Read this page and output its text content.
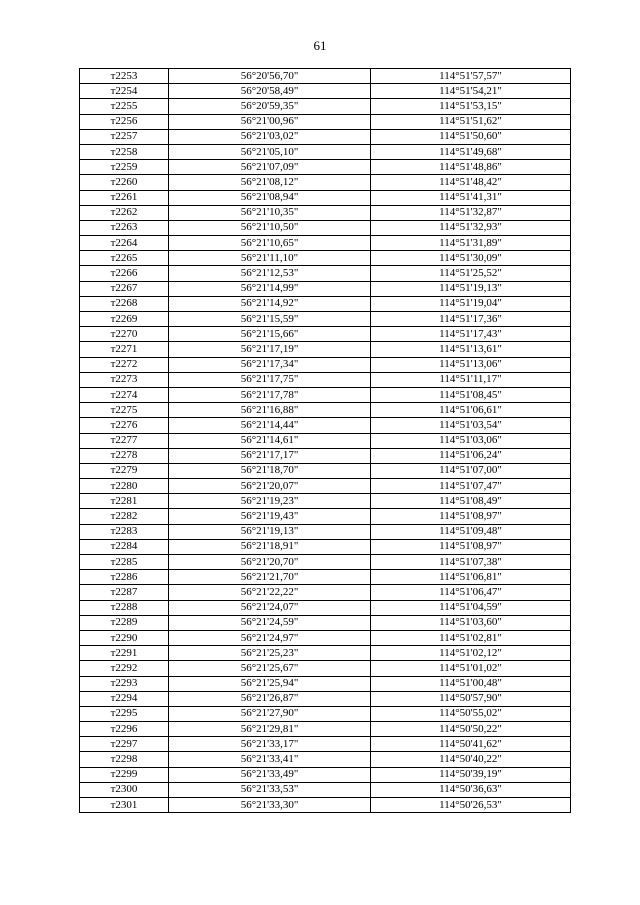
61
т2253	56°20'56,70"	114°51'57,57"
т2254	56°20'58,49"	114°51'54,21"
т2255	56°20'59,35"	114°51'53,15"
т2256	56°21'00,96"	114°51'51,62"
т2257	56°21'03,02"	114°51'50,60"
т2258	56°21'05,10"	114°51'49,68"
т2259	56°21'07,09"	114°51'48,86"
т2260	56°21'08,12"	114°51'48,42"
т2261	56°21'08,94"	114°51'41,31"
т2262	56°21'10,35"	114°51'32,87"
т2263	56°21'10,50"	114°51'32,93"
т2264	56°21'10,65"	114°51'31,89"
т2265	56°21'11,10"	114°51'30,09"
т2266	56°21'12,53"	114°51'25,52"
т2267	56°21'14,99"	114°51'19,13"
т2268	56°21'14,92"	114°51'19,04"
т2269	56°21'15,59"	114°51'17,36"
т2270	56°21'15,66"	114°51'17,43"
т2271	56°21'17,19"	114°51'13,61"
т2272	56°21'17,34"	114°51'13,06"
т2273	56°21'17,75"	114°51'11,17"
т2274	56°21'17,78"	114°51'08,45"
т2275	56°21'16,88"	114°51'06,61"
т2276	56°21'14,44"	114°51'03,54"
т2277	56°21'14,61"	114°51'03,06"
т2278	56°21'17,17"	114°51'06,24"
т2279	56°21'18,70"	114°51'07,00"
т2280	56°21'20,07"	114°51'07,47"
т2281	56°21'19,23"	114°51'08,49"
т2282	56°21'19,43"	114°51'08,97"
т2283	56°21'19,13"	114°51'09,48"
т2284	56°21'18,91"	114°51'08,97"
т2285	56°21'20,70"	114°51'07,38"
т2286	56°21'21,70"	114°51'06,81"
т2287	56°21'22,22"	114°51'06,47"
т2288	56°21'24,07"	114°51'04,59"
т2289	56°21'24,59"	114°51'03,60"
т2290	56°21'24,97"	114°51'02,81"
т2291	56°21'25,23"	114°51'02,12"
т2292	56°21'25,67"	114°51'01,02"
т2293	56°21'25,94"	114°51'00,48"
т2294	56°21'26,87"	114°50'57,90"
т2295	56°21'27,90"	114°50'55,02"
т2296	56°21'29,81"	114°50'50,22"
т2297	56°21'33,17"	114°50'41,62"
т2298	56°21'33,41"	114°50'40,22"
т2299	56°21'33,49"	114°50'39,19"
т2300	56°21'33,53"	114°50'36,63"
т2301	56°21'33,30"	114°50'26,53"
